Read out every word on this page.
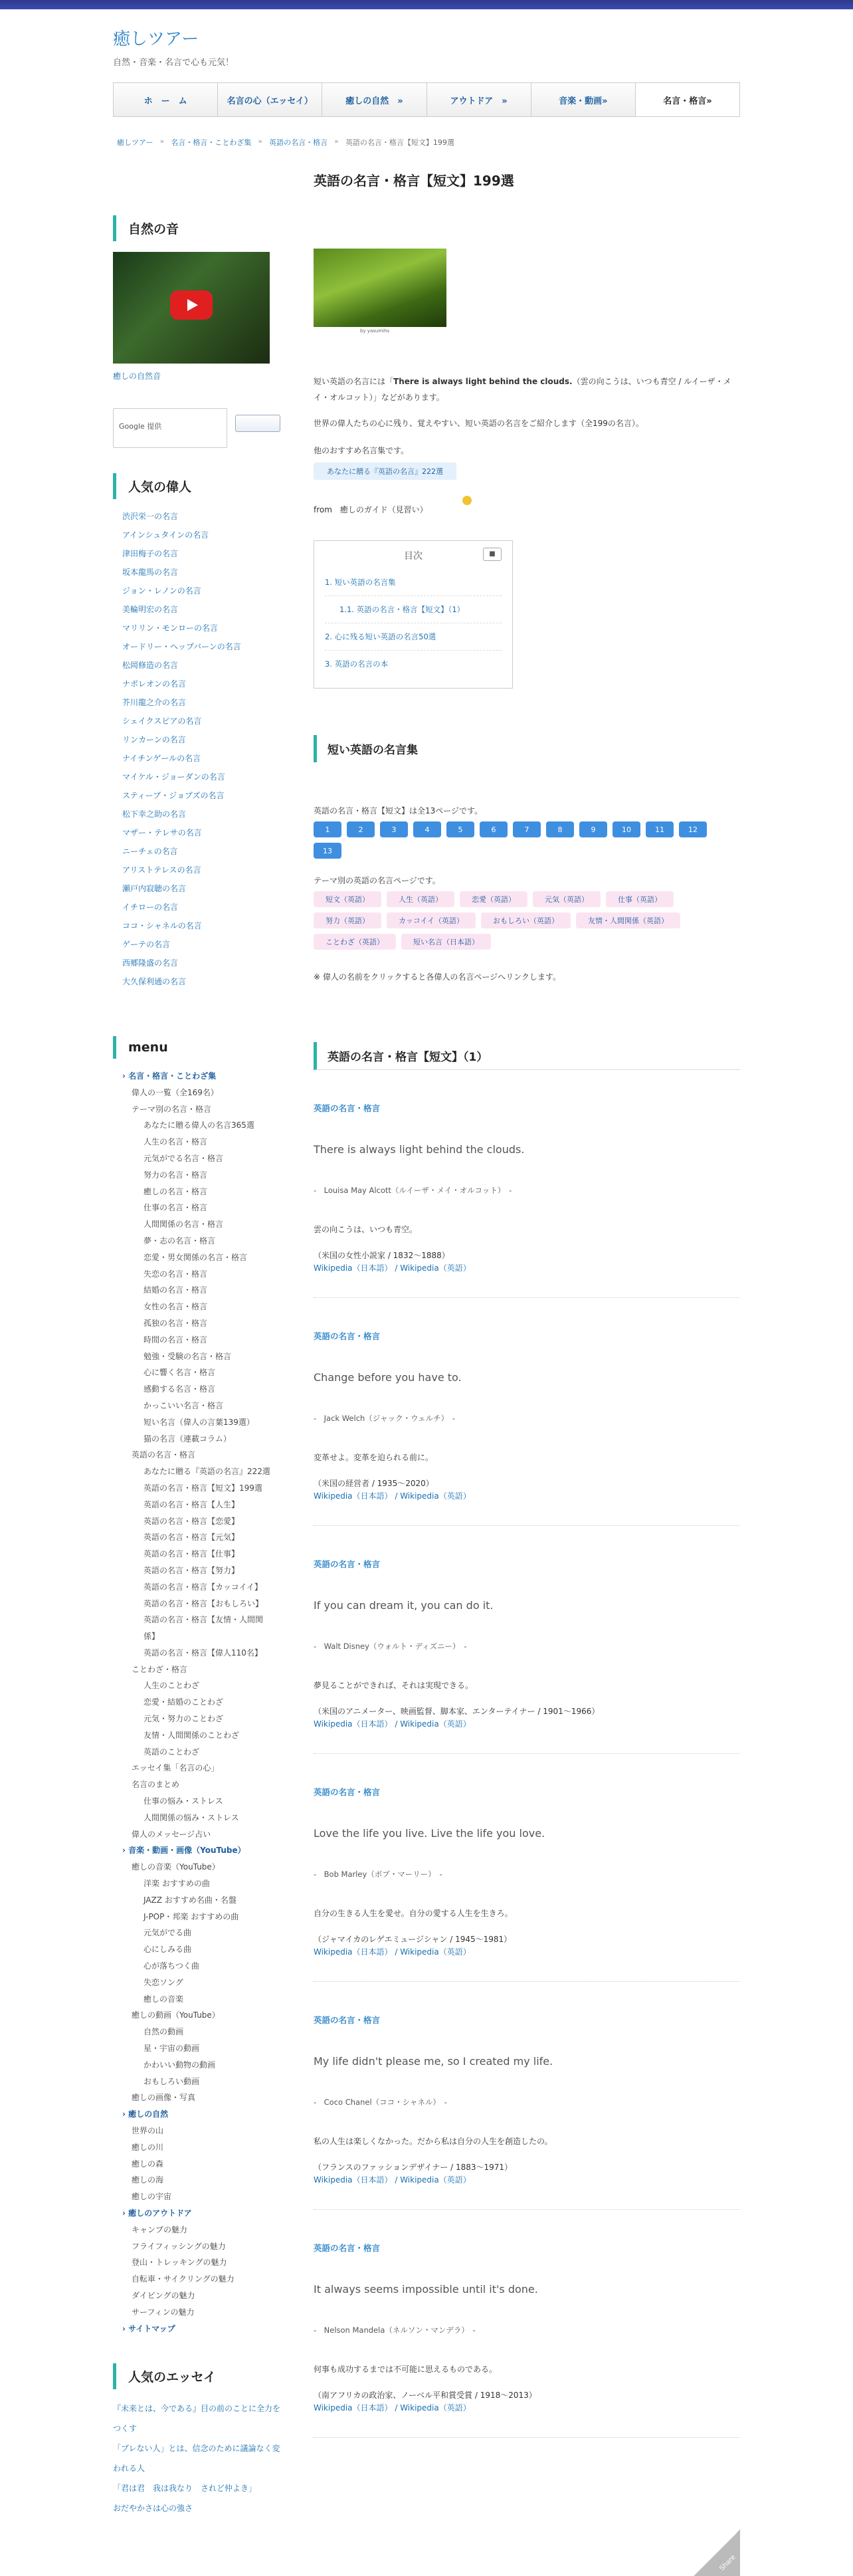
癒しツアー
自然・音楽・名言で心も元気！
ホ　ー　ム	名言の心（エッセイ）	癒しの自然　»	アウトドア　»	音楽・動画»	名言・格言»
癒しツアー » 名言・格言・ことわざ集 » 英語の名言・格言 » 英語の名言・格言【短文】199選
英語の名言・格言【短文】199選
自然の音
癒しの自然音
Google 提供
人気の偉人
渋沢栄一の名言
アインシュタインの名言
津田梅子の名言
坂本龍馬の名言
ジョン・レノンの名言
美輪明宏の名言
マリリン・モンローの名言
オードリー・ヘップバーンの名言
松岡修造の名言
ナポレオンの名言
芥川龍之介の名言
シェイクスピアの名言
リンカーンの名言
ナイチンゲールの名言
マイケル・ジョーダンの名言
スティーブ・ジョブズの名言
松下幸之助の名言
マザー・テレサの名言
ニーチェの名言
アリストテレスの名言
瀬戸内寂聴の名言
イチローの名言
ココ・シャネルの名言
ゲーテの名言
西郷隆盛の名言
大久保利通の名言
menu
› 名言・格言・ことわざ集
偉人の一覧（全169名）
テーマ別の名言・格言
あなたに贈る偉人の名言365選
人生の名言・格言
元気がでる名言・格言
努力の名言・格言
癒しの名言・格言
仕事の名言・格言
人間関係の名言・格言
夢・志の名言・格言
恋愛・男女関係の名言・格言
失恋の名言・格言
結婚の名言・格言
女性の名言・格言
孤独の名言・格言
時間の名言・格言
勉強・受験の名言・格言
心に響く名言・格言
感動する名言・格言
かっこいい名言・格言
短い名言（偉人の言葉139選）
猫の名言（連載コラム）
英語の名言・格言
あなたに贈る『英語の名言』222選
英語の名言・格言【短文】199選
英語の名言・格言【人生】
英語の名言・格言【恋愛】
英語の名言・格言【元気】
英語の名言・格言【仕事】
英語の名言・格言【努力】
英語の名言・格言【カッコイイ】
英語の名言・格言【おもしろい】
英語の名言・格言【友情・人間関
係】
英語の名言・格言【偉人110名】
ことわざ・格言
人生のことわざ
恋愛・結婚のことわざ
元気・努力のことわざ
友情・人間関係のことわざ
英語のことわざ
エッセイ集「名言の心」
名言のまとめ
仕事の悩み・ストレス
人間関係の悩み・ストレス
偉人のメッセージ占い
› 音楽・動画・画像（YouTube）
癒しの音楽（YouTube）
洋楽 おすすめの曲
JAZZ おすすめ名曲・名盤
J-POP・邦楽 おすすめの曲
元気がでる曲
心にしみる曲
心が落ちつく曲
失恋ソング
癒しの音楽
癒しの動画（YouTube）
自然の動画
星・宇宙の動画
かわいい動物の動画
おもしろい動画
癒しの画像・写真
› 癒しの自然
世界の山
癒しの川
癒しの森
癒しの海
癒しの宇宙
› 癒しのアウトドア
キャンプの魅力
フライフィッシングの魅力
登山・トレッキングの魅力
自転車・サイクリングの魅力
ダイビングの魅力
サーフィンの魅力
› サイトマップ
人気のエッセイ
『未来とは、今である』目の前のことに全力をつくす
「ブレない人」とは、信念のために議論なく変われる人
「君は君　我は我なり　されど仲よき」
おだやかさは心の強さ
by yasumihs

短い英語の名言には「There is always light behind the clouds.（雲の向こうは、いつも青空 / ルイーザ・メイ・オルコット）」などがあります。

世界の偉人たちの心に残り、覚えやすい、短い英語の名言をご紹介します（全199の名言）。

他のおすすめ名言集です。

あなたに贈る『英語の名言』222選
from　癒しのガイド（見習い）
目次	■
1. 短い英語の名言集
1.1. 英語の名言・格言【短文】（1）
2. 心に残る短い英語の名言50選
3. 英語の名言の本
短い英語の名言集

英語の名言・格言【短文】は全13ページです。

1	2	3	4	5	6	7	8	9	10	11	12
13

テーマ別の英語の名言ページです。

短文（英語）	人生（英語）	恋愛（英語）	元気（英語）	仕事（英語）
努力（英語）	カッコイイ（英語）	おもしろい（英語）	友情・人間関係（英語）
ことわざ（英語）	短い名言（日本語）

※ 偉人の名前をクリックすると各偉人の名言ページへリンクします。

英語の名言・格言【短文】（1）
英語の名言・格言
There is always light behind the clouds.
-　Louisa May Alcott（ルイーザ・メイ・オルコット）　-
雲の向こうは、いつも青空。
（米国の女性小説家 / 1832〜1888）
Wikipedia（日本語） / Wikipedia（英語）
英語の名言・格言
Change before you have to.
-　Jack Welch（ジャック・ウェルチ）　-
変革せよ。変革を迫られる前に。
（米国の経営者 / 1935〜2020）
Wikipedia（日本語） / Wikipedia（英語）
英語の名言・格言
If you can dream it, you can do it.
-　Walt Disney（ウォルト・ディズニー）　-
夢見ることができれば、それは実現できる。
（米国のアニメーター、映画監督、脚本家、エンターテイナー / 1901〜1966）
Wikipedia（日本語） / Wikipedia（英語）
英語の名言・格言
Love the life you live. Live the life you love.
-　Bob Marley（ボブ・マーリー）　-
自分の生きる人生を愛せ。自分の愛する人生を生きろ。
（ジャマイカのレゲエミュージシャン / 1945〜1981）
Wikipedia（日本語） / Wikipedia（英語）
英語の名言・格言
My life didn't please me, so I created my life.
-　Coco Chanel（ココ・シャネル）　-
私の人生は楽しくなかった。だから私は自分の人生を創造したの。
（フランスのファッションデザイナー / 1883〜1971）
Wikipedia（日本語） / Wikipedia（英語）
英語の名言・格言
It always seems impossible until it's done.
-　Nelson Mandela（ネルソン・マンデラ）　-
何事も成功するまでは不可能に思えるものである。
（南アフリカの政治家、ノーベル平和賞受賞 / 1918〜2013）
Wikipedia（日本語） / Wikipedia（英語）
Share
